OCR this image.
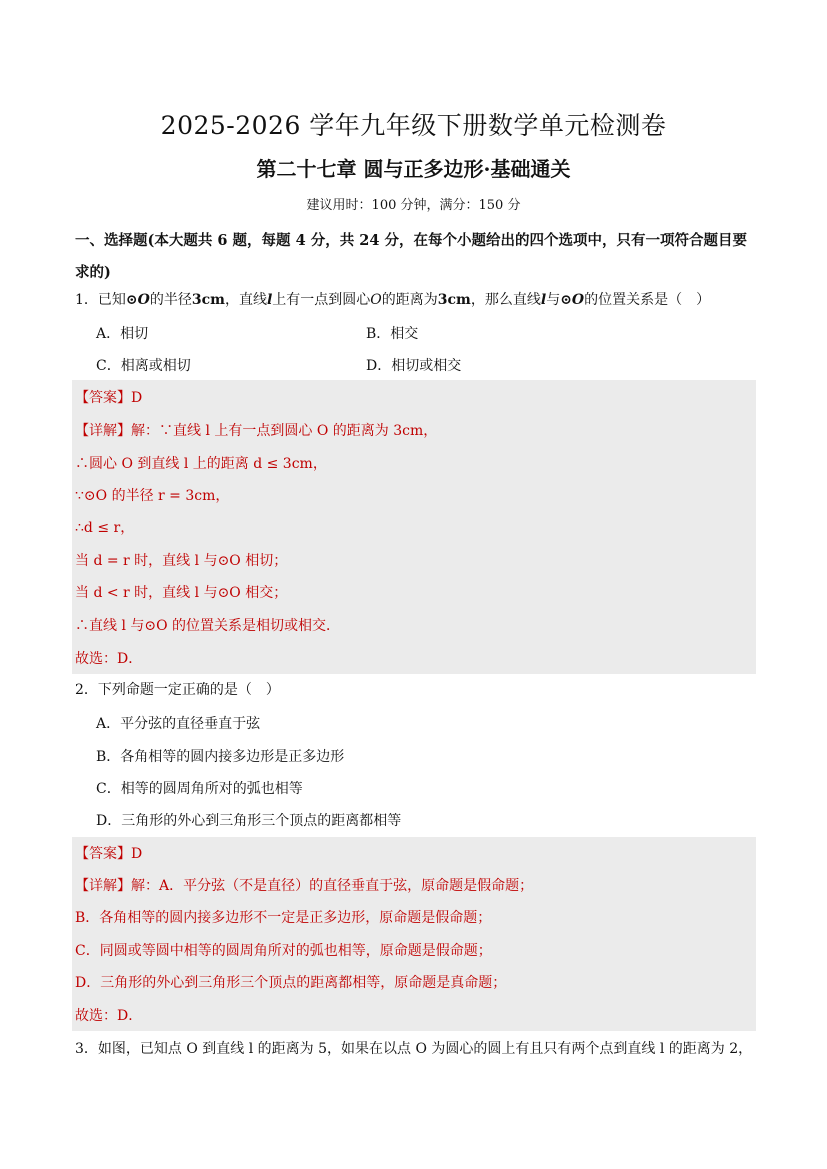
2025-2026 学年九年级下册数学单元检测卷
第二十七章 圆与正多边形·基础通关
建议用时：100 分钟，满分：150 分
一、选择题(本大题共 6 题，每题 4 分，共 24 分，在每个小题给出的四个选项中，只有一项符合题目要求的)
1．已知⊙O的半径3cm，直线l上有一点到圆心O的距离为3cm，那么直线l与⊙O的位置关系是（　）
A．相切	B．相交
C．相离或相切	D．相切或相交
【答案】D
【详解】解：∵直线 l 上有一点到圆心 O 的距离为 3cm，
∴圆心 O 到直线 l 上的距离 d ≤ 3cm，
∵⊙O 的半径 r = 3cm，
∴d ≤ r，
当 d = r 时，直线 l 与⊙O 相切；
当 d < r 时，直线 l 与⊙O 相交；
∴直线 l 与⊙O 的位置关系是相切或相交．
故选：D．
2．下列命题一定正确的是（　）
A．平分弦的直径垂直于弦
B．各角相等的圆内接多边形是正多边形
C．相等的圆周角所对的弧也相等
D．三角形的外心到三角形三个顶点的距离都相等
【答案】D
【详解】解：A．平分弦（不是直径）的直径垂直于弦，原命题是假命题；
B．各角相等的圆内接多边形不一定是正多边形，原命题是假命题；
C．同圆或等圆中相等的圆周角所对的弧也相等，原命题是假命题；
D．三角形的外心到三角形三个顶点的距离都相等，原命题是真命题；
故选：D．
3．如图，已知点 O 到直线 l 的距离为 5，如果在以点 O 为圆心的圆上有且只有两个点到直线 l 的距离为 2，
